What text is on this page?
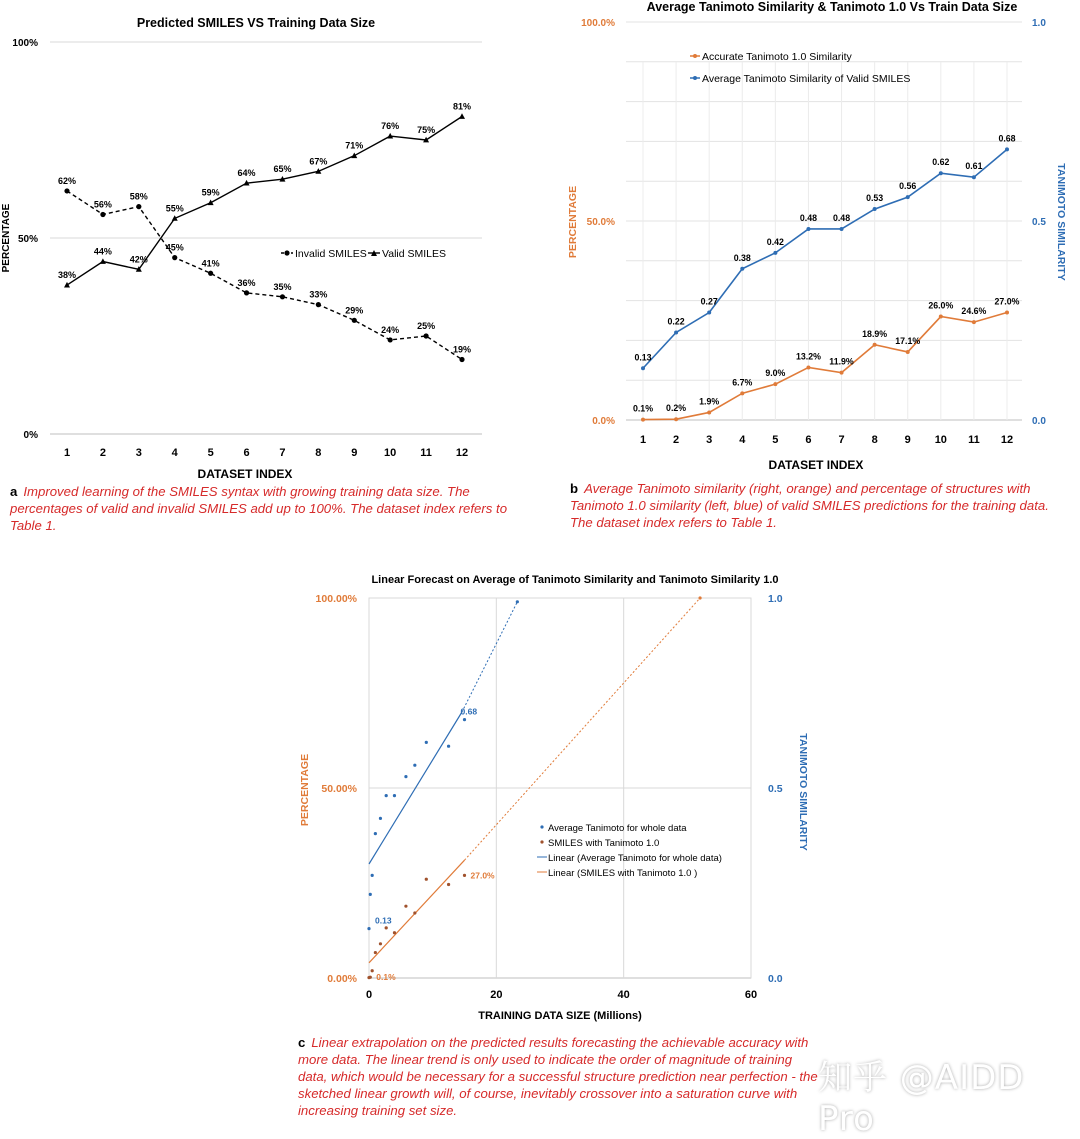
Predicted SMILES VS Training Data Size
0%
50%
100%
1	2	3	4	5	6	7	8	9 10 11 12
PERCENTAGE
DATASET INDEX
62%
56%
58%
45%
41%
36% 35%
33%
29%
24% 25%
19%
38%
44%
42%
55%
59%
64% 65%
67%
71%
76% 75%
81%
Invalid SMILES Valid SMILES
a Improved learning of the SMILES syntax with growing training data size. The percentages of valid and invalid SMILES add up to 100%. The dataset index refers to Table 1.
Average Tanimoto Similarity & Tanimoto 1.0 Vs Train Data Size
0.0%
50.0%
100.0%
0.0
0.5
1.0
1 2 3 4 5 6 7 8 9 10 11 12
PERCENTAGE	TANIMOTO SIMILARITY
DATASET INDEX
0.1% 0.2%
1.9%
6.7%
9.0%
13.2%
11.9%
18.9%
17.1%
26.0%
24.6%
27.0%
0.13
0.22
0.27
0.38
0.42
0.48 0.48
0.53
0.56
0.62 0.61
0.68
Accurate Tanimoto 1.0 Similarity
Average Tanimoto Similarity of Valid SMILES
b Average Tanimoto similarity (right, orange) and percentage of structures with Tanimoto 1.0 similarity (left, blue) of valid SMILES predictions for the training data. The dataset index refers to Table 1.
Linear Forecast on Average of Tanimoto Similarity and Tanimoto Similarity 1.0
0.00%
50.00%
100.00%
0.0
0.5
1.0
0	20	40	60
PERCENTAGE	TANIMOTO SIMILARITY
TRAINING DATA SIZE (Millions)
0.13
0.68
0.1%
27.0%
Average Tanimoto for whole data
SMILES with Tanimoto 1.0
Linear (Average Tanimoto for whole data)
Linear (SMILES with Tanimoto 1.0 )
c Linear extrapolation on the predicted results forecasting the achievable accuracy with more data. The linear trend is only used to indicate the order of magnitude of training data, which would be necessary for a successful structure prediction near perfection - the sketched linear growth will, of course, inevitably crossover into a saturation curve with increasing training set size.
知乎 @AIDD Pro
